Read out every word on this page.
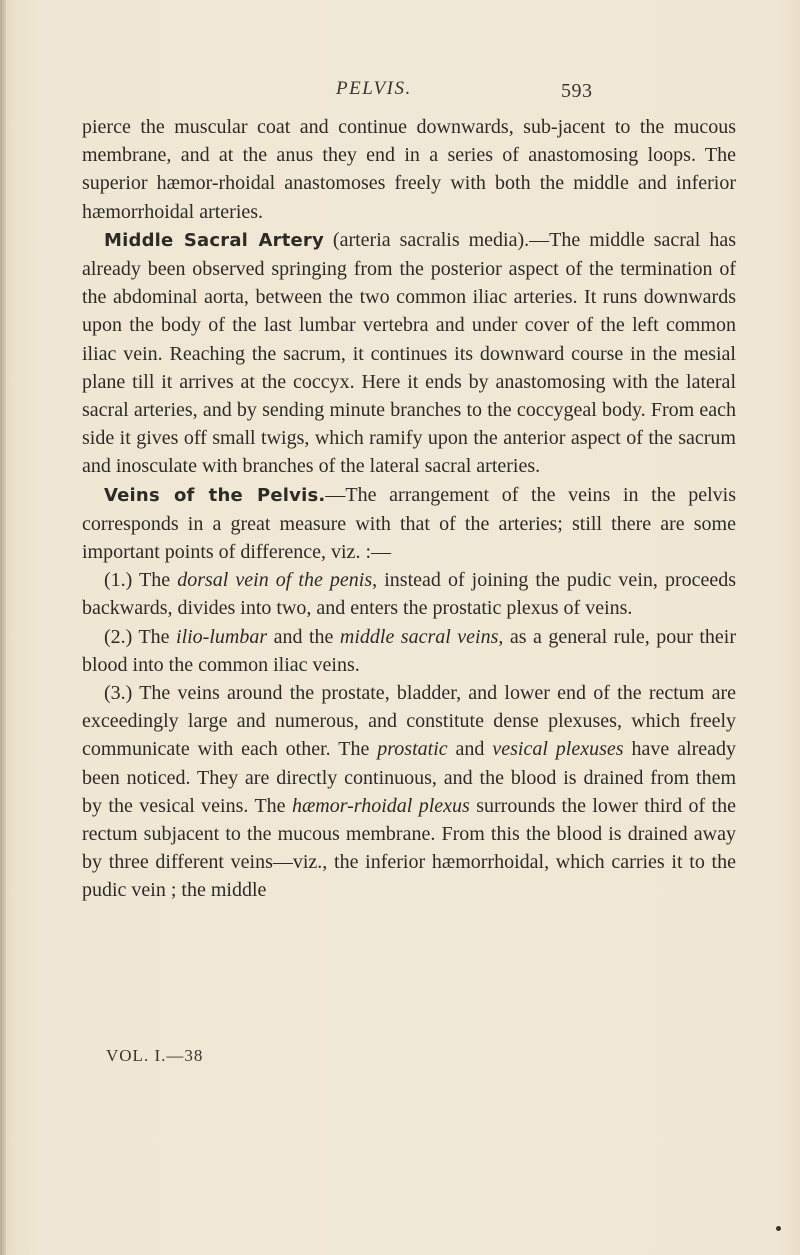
PELVIS.	593

pierce the muscular coat and continue downwards, sub-jacent to the mucous membrane, and at the anus they end in a series of anastomosing loops. The superior hæmor-rhoidal anastomoses freely with both the middle and inferior hæmorrhoidal arteries.

Middle Sacral Artery (arteria sacralis media).—The middle sacral has already been observed springing from the posterior aspect of the termination of the abdominal aorta, between the two common iliac arteries. It runs downwards upon the body of the last lumbar vertebra and under cover of the left common iliac vein. Reaching the sacrum, it continues its downward course in the mesial plane till it arrives at the coccyx. Here it ends by anastomosing with the lateral sacral arteries, and by sending minute branches to the coccygeal body. From each side it gives off small twigs, which ramify upon the anterior aspect of the sacrum and inosculate with branches of the lateral sacral arteries.

Veins of the Pelvis.—The arrangement of the veins in the pelvis corresponds in a great measure with that of the arteries; still there are some important points of difference, viz. :—

(1.) The dorsal vein of the penis, instead of joining the pudic vein, proceeds backwards, divides into two, and enters the prostatic plexus of veins.

(2.) The ilio-lumbar and the middle sacral veins, as a general rule, pour their blood into the common iliac veins.

(3.) The veins around the prostate, bladder, and lower end of the rectum are exceedingly large and numerous, and constitute dense plexuses, which freely communicate with each other. The prostatic and vesical plexuses have already been noticed. They are directly continuous, and the blood is drained from them by the vesical veins. The hæmor-rhoidal plexus surrounds the lower third of the rectum subjacent to the mucous membrane. From this the blood is drained away by three different veins—viz., the inferior hæmorrhoidal, which carries it to the pudic vein ; the middle

VOL. I.—38
